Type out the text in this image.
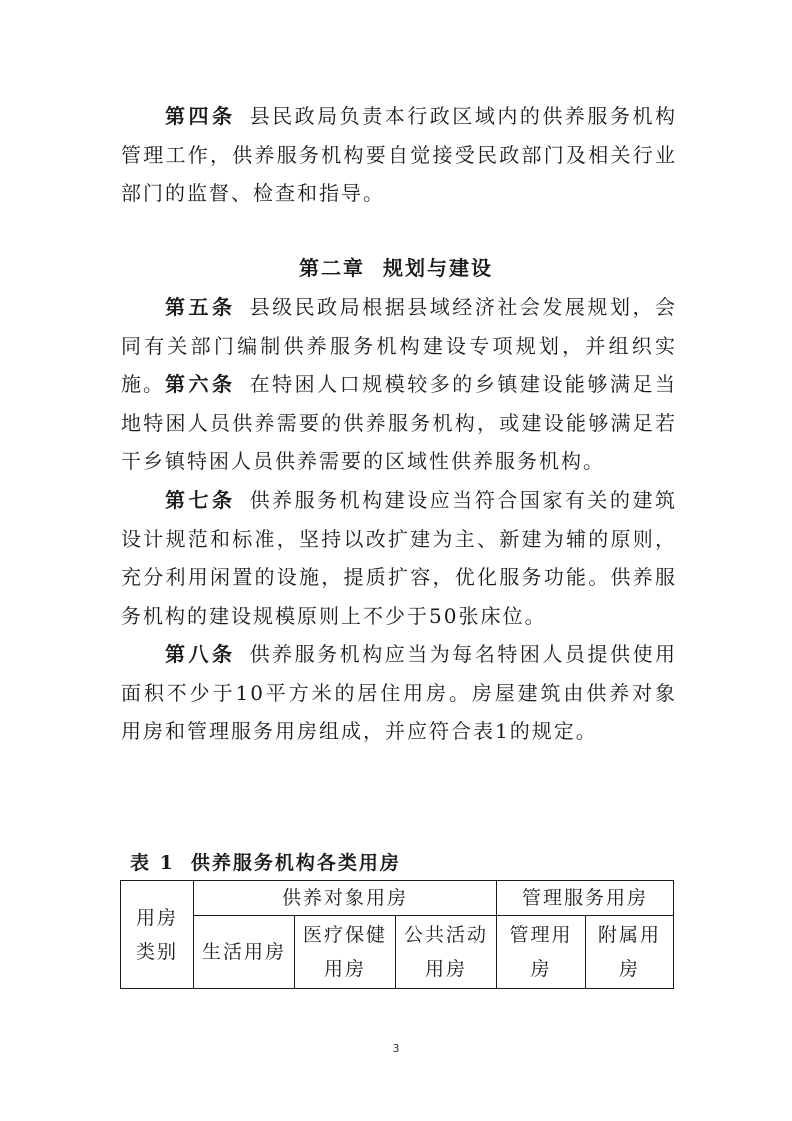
第四条 县民政局负责本行政区域内的供养服务机构管理工作，供养服务机构要自觉接受民政部门及相关行业部门的监督、检查和指导。

第二章 规划与建设

第五条 县级民政局根据县域经济社会发展规划，会同有关部门编制供养服务机构建设专项规划，并组织实施。 第六条 在特困人口规模较多的乡镇建设能够满足当地特困人员供养需要的供养服务机构，或建设能够满足若干乡镇特困人员供养需要的区域性供养服务机构。

第七条 供养服务机构建设应当符合国家有关的建筑设计规范和标准，坚持以改扩建为主、新建为辅的原则，充分利用闲置的设施，提质扩容，优化服务功能。供养服务机构的建设规模原则上不少于50张床位。

第八条 供养服务机构应当为每名特困人员提供使用面积不少于10平方米的居住用房。房屋建筑由供养对象用房和管理服务用房组成，并应符合表1的规定。

表 1 供养服务机构各类用房

用房类别	供养对象用房			管理服务用房	
	生活用房	医疗保健用房	公共活动用房	管理用房	附属用房

3
